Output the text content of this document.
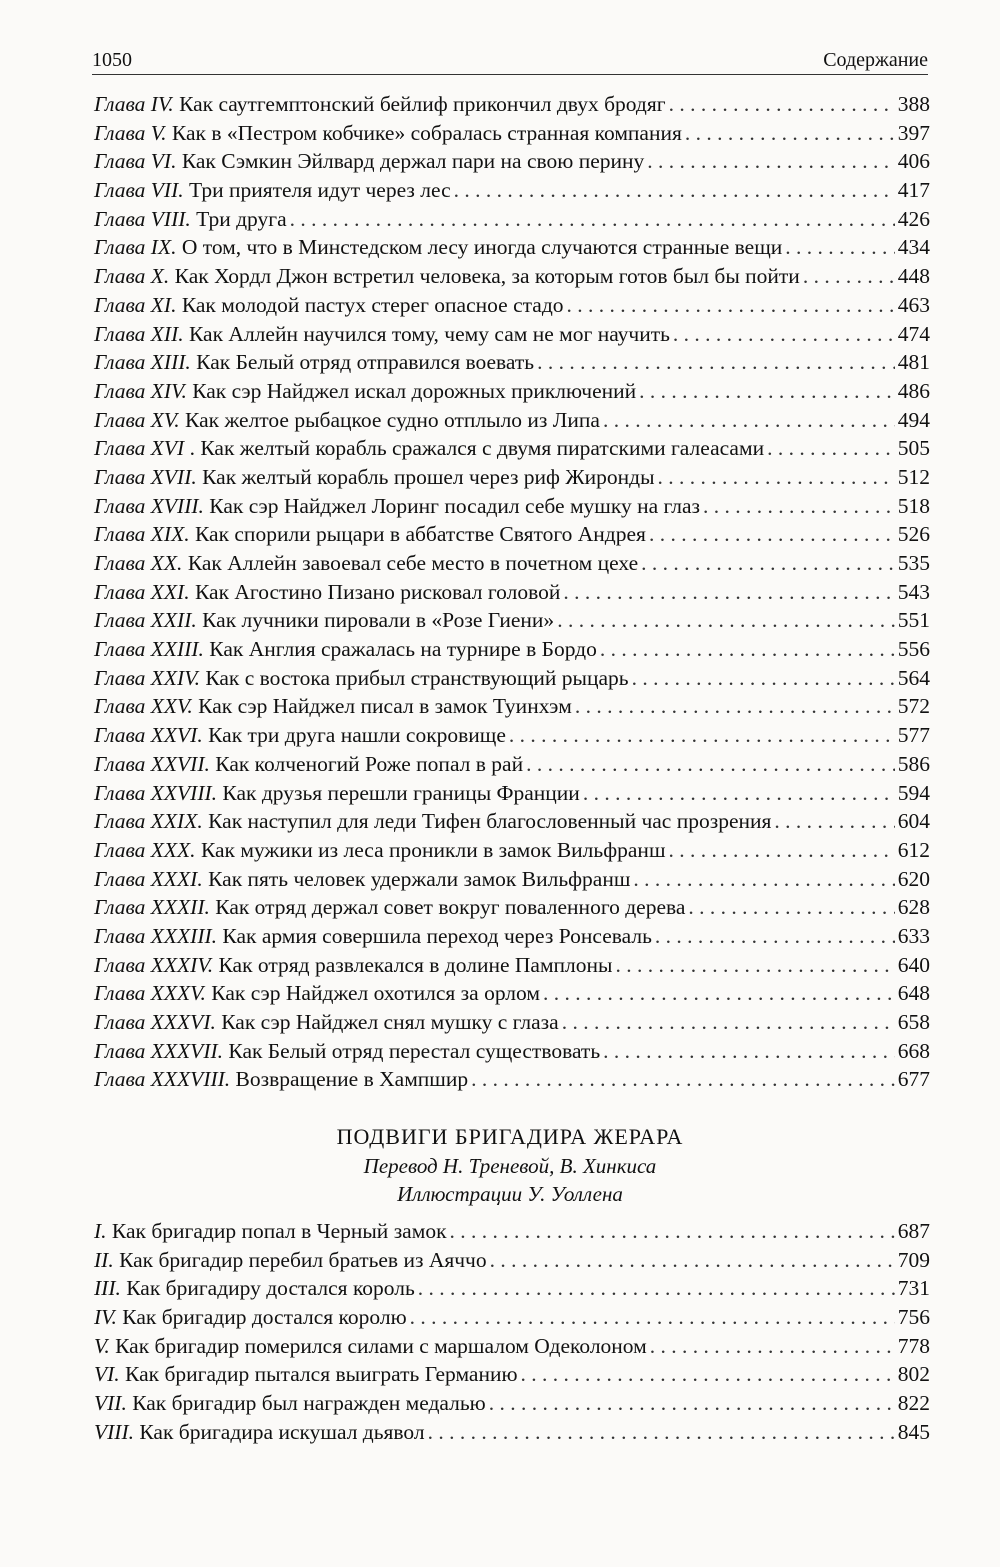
1050	Содержание
Глава IV. Как саутгемптонский бейлиф прикончил двух бродяг . . .	388
Глава V. Как в «Пестром кобчике» собралась странная компания . . .	397
Глава VI. Как Сэмкин Эйлвард держал пари на свою перину . . .	406
Глава VII. Три приятеля идут через лес . . .	417
Глава VIII. Три друга . . .	426
Глава IX. О том, что в Минстедском лесу иногда случаются странные вещи . . .	434
Глава X. Как Хордл Джон встретил человека, за которым готов был бы пойти . . .	448
Глава XI. Как молодой пастух стерег опасное стадо . . .	463
Глава XII. Как Аллейн научился тому, чему сам не мог научить . . .	474
Глава XIII. Как Белый отряд отправился воевать . . .	481
Глава XIV. Как сэр Найджел искал дорожных приключений . . .	486
Глава XV. Как желтое рыбацкое судно отплыло из Липа . . .	494
Глава XVI . Как желтый корабль сражался с двумя пиратскими галеасами . . .	505
Глава XVII. Как желтый корабль прошел через риф Жиронды . . .	512
Глава XVIII. Как сэр Найджел Лоринг посадил себе мушку на глаз . . .	518
Глава XIX. Как спорили рыцари в аббатстве Святого Андрея . . .	526
Глава XX. Как Аллейн завоевал себе место в почетном цехе . . .	535
Глава XXI. Как Агостино Пизано рисковал головой . . .	543
Глава XXII. Как лучники пировали в «Розе Гиени» . . .	551
Глава XXIII. Как Англия сражалась на турнире в Бордо . . .	556
Глава XXIV. Как с востока прибыл странствующий рыцарь . . .	564
Глава XXV. Как сэр Найджел писал в замок Туинхэм . . .	572
Глава XXVI. Как три друга нашли сокровище . . .	577
Глава XXVII. Как колченогий Роже попал в рай . . .	586
Глава XXVIII. Как друзья перешли границы Франции . . .	594
Глава XXIX. Как наступил для леди Тифен благословенный час прозрения . . .	604
Глава XXX. Как мужики из леса проникли в замок Вильфранш . . .	612
Глава XXXI. Как пять человек удержали замок Вильфранш . . .	620
Глава XXXII. Как отряд держал совет вокруг поваленного дерева . . .	628
Глава XXXIII. Как армия совершила переход через Ронсеваль . . .	633
Глава XXXIV. Как отряд развлекался в долине Памплоны . . .	640
Глава XXXV. Как сэр Найджел охотился за орлом . . .	648
Глава XXXVI. Как сэр Найджел снял мушку с глаза . . .	658
Глава XXXVII. Как Белый отряд перестал существовать . . .	668
Глава XXXVIII. Возвращение в Хампшир . . .	677
ПОДВИГИ БРИГАДИРА ЖЕРАРА
Перевод Н. Треневой, В. Хинкиса
Иллюстрации У. Уоллена
I. Как бригадир попал в Черный замок . . .	687
II. Как бригадир перебил братьев из Аяччо . . .	709
III. Как бригадиру достался король . . .	731
IV. Как бригадир достался королю . . .	756
V. Как бригадир померился силами с маршалом Одеколоном . . .	778
VI. Как бригадир пытался выиграть Германию . . .	802
VII. Как бригадир был награжден медалью . . .	822
VIII. Как бригадира искушал дьявол . . .	845
